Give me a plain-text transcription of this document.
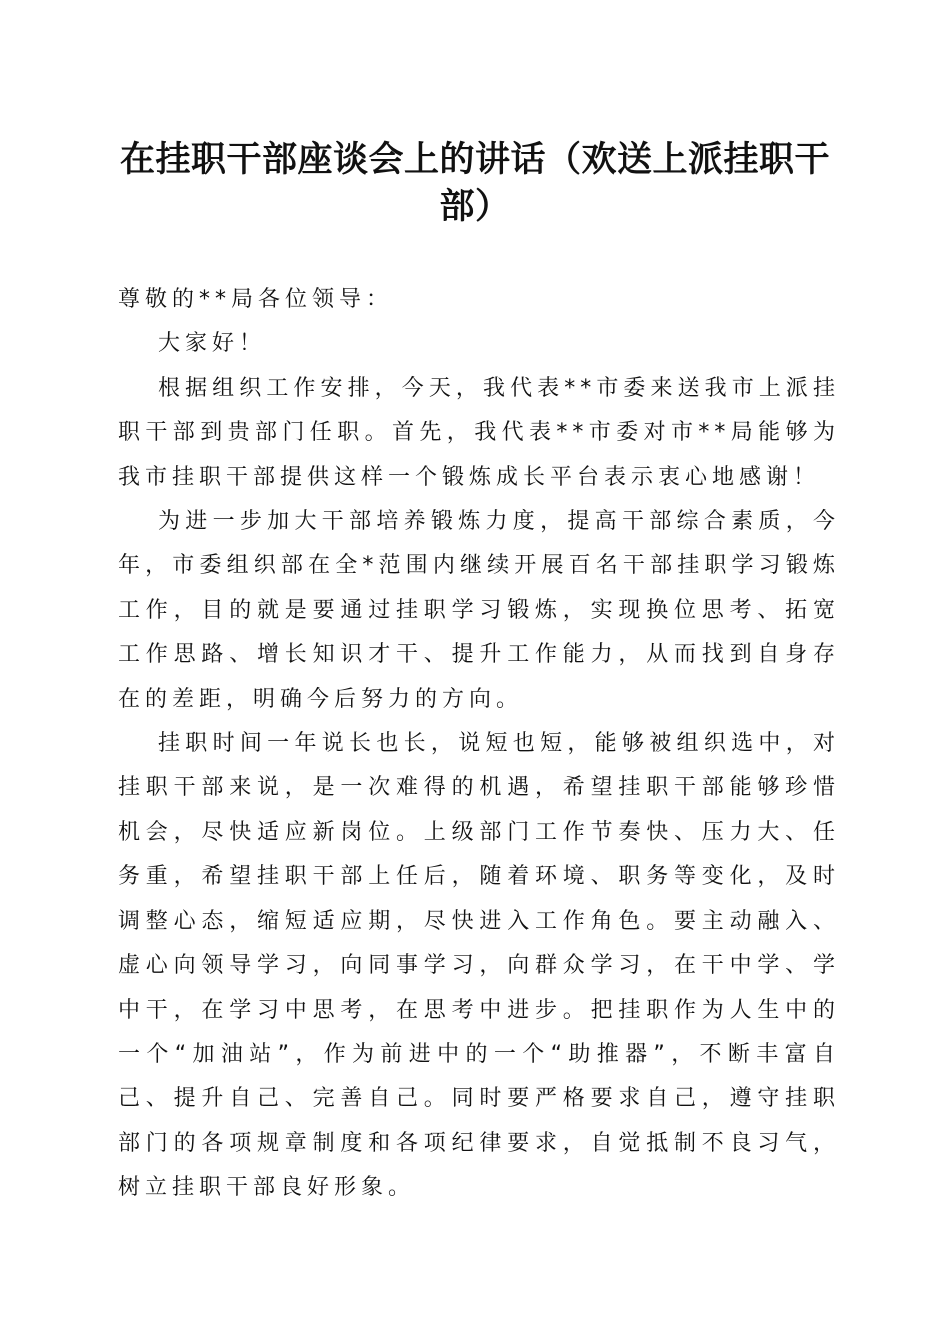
在挂职干部座谈会上的讲话（欢送上派挂职干部）

尊敬的**局各位领导：

大家好！

根据组织工作安排，今天，我代表**市委来送我市上派挂职干部到贵部门任职。首先，我代表**市委对市**局能够为我市挂职干部提供这样一个锻炼成长平台表示衷心地感谢！

为进一步加大干部培养锻炼力度，提高干部综合素质，今年，市委组织部在全*范围内继续开展百名干部挂职学习锻炼工作，目的就是要通过挂职学习锻炼，实现换位思考、拓宽工作思路、增长知识才干、提升工作能力，从而找到自身存在的差距，明确今后努力的方向。

挂职时间一年说长也长，说短也短，能够被组织选中，对挂职干部来说，是一次难得的机遇，希望挂职干部能够珍惜机会，尽快适应新岗位。上级部门工作节奏快、压力大、任务重，希望挂职干部上任后，随着环境、职务等变化，及时调整心态，缩短适应期，尽快进入工作角色。要主动融入、虚心向领导学习，向同事学习，向群众学习，在干中学、学中干，在学习中思考，在思考中进步。把挂职作为人生中的一个“加油站”，作为前进中的一个“助推器”，不断丰富自己、提升自己、完善自己。同时要严格要求自己，遵守挂职部门的各项规章制度和各项纪律要求，自觉抵制不良习气，树立挂职干部良好形象。
